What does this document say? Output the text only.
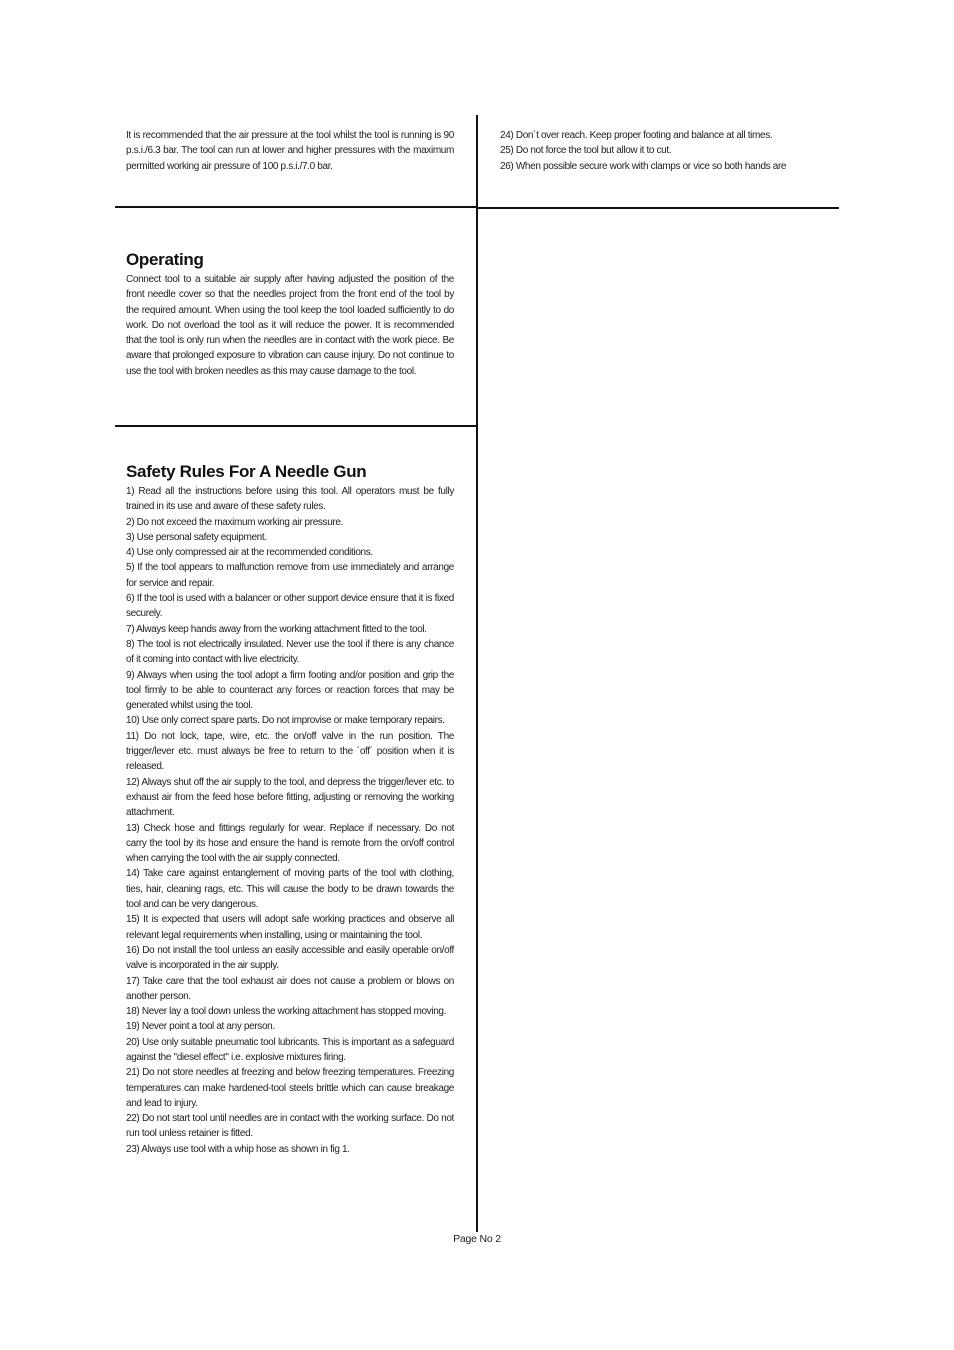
It is recommended that the air pressure at the tool whilst the tool is running is 90 p.s.i./6.3 bar. The tool can run at lower and higher pressures with the maximum permitted working air pressure of 100 p.s.i./7.0 bar.
Operating
Connect tool to a suitable air supply after having adjusted the position of the front needle cover so that the needles project from the front end of the tool by the required amount. When using the tool keep the tool loaded sufficiently to do work. Do not overload the tool as it will reduce the power. It is recommended that the tool is only run when the needles are in contact with the work piece. Be aware that prolonged exposure to vibration can cause injury. Do not continue to use the tool with broken needles as this may cause damage to the tool.
Safety Rules For A Needle Gun
1) Read all the instructions before using this tool. All operators must be fully trained in its use and aware of these safety rules.
2) Do not exceed the maximum working air pressure.
3) Use personal safety equipment.
4) Use only compressed air at the recommended conditions.
5) If the tool appears to malfunction remove from use immediately and arrange for service and repair.
6) If the tool is used with a balancer or other support device ensure that it is fixed securely.
7) Always keep hands away from the working attachment fitted to the tool.
8) The tool is not electrically insulated. Never use the tool if there is any chance of it coming into contact with live electricity.
9) Always when using the tool adopt a firm footing and/or position and grip the tool firmly to be able to counteract any forces or reaction forces that may be generated whilst using the tool.
10) Use only correct spare parts. Do not improvise or make temporary repairs.
11) Do not lock, tape, wire, etc. the on/off valve in the run position. The trigger/lever etc. must always be free to return to the ´off´ position when it is released.
12) Always shut off the air supply to the tool, and depress the trigger/lever etc. to exhaust air from the feed hose before fitting, adjusting or removing the working attachment.
13) Check hose and fittings regularly for wear. Replace if necessary. Do not carry the tool by its hose and ensure the hand is remote from the on/off control when carrying the tool with the air supply connected.
14) Take care against entanglement of moving parts of the tool with clothing, ties, hair, cleaning rags, etc. This will cause the body to be drawn towards the tool and can be very dangerous.
15) It is expected that users will adopt safe working practices and observe all relevant legal requirements when installing, using or maintaining the tool.
16) Do not install the tool unless an easily accessible and easily operable on/off valve is incorporated in the air supply.
17) Take care that the tool exhaust air does not cause a problem or blows on another person.
18) Never lay a tool down unless the working attachment has stopped moving.
19) Never point a tool at any person.
20) Use only suitable pneumatic tool lubricants. This is important as a safeguard against the "diesel effect" i.e. explosive mixtures firing.
21) Do not store needles at freezing and below freezing temperatures. Freezing temperatures can make hardened-tool steels brittle which can cause breakage and lead to injury.
22) Do not start tool until needles are in contact with the working surface. Do not run tool unless retainer is fitted.
23) Always use tool with a whip hose as shown in fig 1.
24) Don´t over reach. Keep proper footing and balance at all times.
25) Do not force the tool but allow it to cut.
26) When possible secure work with clamps or vice so both hands are
Page No 2
